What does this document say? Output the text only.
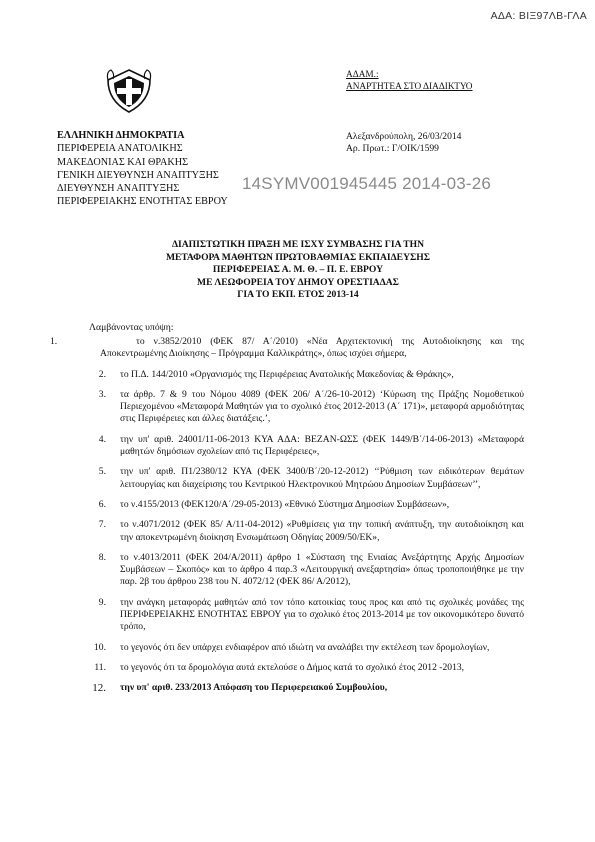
ΑΔΑ: ΒΙΞ97ΛΒ-ΓΛΑ
ΑΔΑΜ.:
ΑΝΑΡΤΗΤΕΑ ΣΤΟ ΔΙΑΔΙΚΤΥΟ
ΕΛΛΗΝΙΚΗ ΔΗΜΟΚΡΑΤΙΑ
ΠΕΡΙΦΕΡΕΙΑ ΑΝΑΤΟΛΙΚΗΣ
ΜΑΚΕΔΟΝΙΑΣ ΚΑΙ ΘΡΑΚΗΣ
ΓΕΝΙΚΗ ΔΙΕΥΘΥΝΣΗ ΑΝΑΠΤΥΞΗΣ
ΔΙΕΥΘΥΝΣΗ ΑΝΑΠΤΥΞΗΣ
ΠΕΡΙΦΕΡΕΙΑΚΗΣ ΕΝΟΤΗΤΑΣ ΕΒΡΟΥ
Αλεξανδρούπολη, 26/03/2014
Αρ. Πρωτ.: Γ/ΟΙΚ/1599
14SYMV001945445 2014-03-26
ΔΙΑΠΙΣΤΩΤΙΚΗ ΠΡΑΞΗ ΜΕ ΙΣΧΥ ΣΥΜΒΑΣΗΣ ΓΙΑ ΤΗΝ
ΜΕΤΑΦΟΡΑ ΜΑΘΗΤΩΝ ΠΡΩΤΟΒΑΘΜΙΑΣ ΕΚΠΑΙΔΕΥΣΗΣ
ΠΕΡΙΦΕΡΕΙΑΣ Α. Μ. Θ. – Π. Ε. ΕΒΡΟΥ
ΜΕ ΛΕΩΦΟΡΕΙΑ ΤΟΥ ΔΗΜΟΥ ΟΡΕΣΤΙΑΔΑΣ
ΓΙΑ ΤΟ ΕΚΠ. ΕΤΟΣ 2013-14
Λαμβάνοντας υπόψη:
1.	το ν.3852/2010 (ΦΕΚ 87/ Α΄/2010) «Νέα Αρχιτεκτονική της Αυτοδιοίκησης και της Αποκεντρωμένης Διοίκησης – Πρόγραμμα Καλλικράτης», όπως ισχύει σήμερα,
2. το Π.Δ. 144/2010 «Οργανισμός της Περιφέρειας Ανατολικής Μακεδονίας & Θράκης»,
3. τα άρθρ. 7 & 9 του Νόμου 4089 (ΦΕΚ 206/ Α΄/26-10-2012) ‘Κύρωση της Πράξης Νομοθετικού Περιεχομένου «Μεταφορά Μαθητών για το σχολικό έτος 2012-2013 (Α΄ 171)», μεταφορά αρμοδιότητας στις Περιφέρειες και άλλες διατάξεις.’,
4. την υπ' αριθ. 24001/11-06-2013 ΚΥΑ ΑΔΑ: ΒΕΖΑΝ-ΩΣΣ (ΦΕΚ 1449/Β΄/14-06-2013) «Μεταφορά μαθητών δημόσιων σχολείων από τις Περιφέρειες»,
5. την υπ' αριθ. Π1/2380/12 ΚΥΑ (ΦΕΚ 3400/Β΄/20-12-2012) ‘‘Ρύθμιση των ειδικότερων θεμάτων λειτουργίας και διαχείρισης του Κεντρικού Ηλεκτρονικού Μητρώου Δημοσίων Συμβάσεων’’,
6. το ν.4155/2013 (ΦΕΚ120/Α΄/29-05-2013) «Εθνικό Σύστημα Δημοσίων Συμβάσεων»,
7. το ν.4071/2012 (ΦΕΚ 85/ Α/11-04-2012) «Ρυθμίσεις για την τοπική ανάπτυξη, την αυτοδιοίκηση και την αποκεντρωμένη διοίκηση Ενσωμάτωση Οδηγίας 2009/50/ΕΚ»,
8. το ν.4013/2011 (ΦΕΚ 204/Α/2011) άρθρο 1 «Σύσταση της Ενιαίας Ανεξάρτητης Αρχής Δημοσίων Συμβάσεων – Σκοπός» και το άρθρο 4 παρ.3 «Λειτουργική ανεξαρτησία» όπως τροποποιήθηκε με την παρ. 2β του άρθρου 238 του Ν. 4072/12 (ΦΕΚ 86/ Α/2012),
9. την ανάγκη μεταφοράς μαθητών από τον τόπο κατοικίας τους προς και από τις σχολικές μονάδες της ΠΕΡΙΦΕΡΕΙΑΚΗΣ ΕΝΟΤΗΤΑΣ ΕΒΡΟΥ για το σχολικό έτος 2013-2014 με τον οικονομικότερο δυνατό τρόπο,
10. το γεγονός ότι δεν υπάρχει ενδιαφέρον από ιδιώτη να αναλάβει την εκτέλεση των δρομολογίων,
11. το γεγονός ότι τα δρομολόγια αυτά εκτελούσε ο Δήμος κατά το σχολικό έτος 2012 -2013,
12. την υπ' αριθ. 233/2013 Απόφαση του Περιφερειακού Συμβουλίου,
